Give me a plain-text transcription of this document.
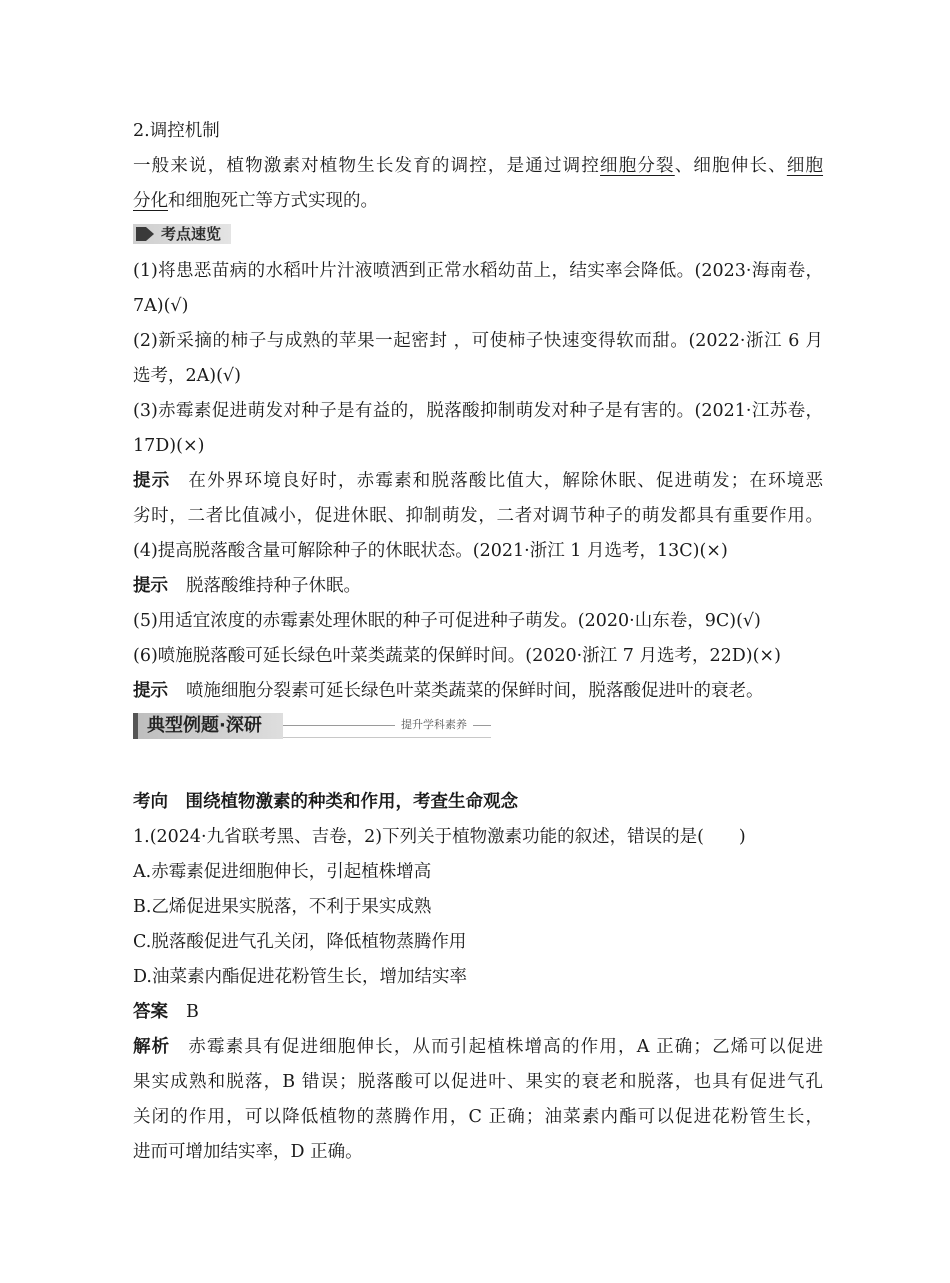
2.调控机制
一般来说，植物激素对植物生长发育的调控，是通过调控细胞分裂、细胞伸长、细胞
分化和细胞死亡等方式实现的。
考点速览
(1)将患恶苗病的水稻叶片汁液喷洒到正常水稻幼苗上，结实率会降低。(2023·海南卷，
7A)(√)
(2)新采摘的柿子与成熟的苹果一起密封 ，可使柿子快速变得软而甜。(2022·浙江 6 月
选考，2A)(√)
(3)赤霉素促进萌发对种子是有益的，脱落酸抑制萌发对种子是有害的。(2021·江苏卷，
17D)(×)
提示 在外界环境良好时，赤霉素和脱落酸比值大，解除休眠、促进萌发；在环境恶
劣时，二者比值减小，促进休眠、抑制萌发，二者对调节种子的萌发都具有重要作用。
(4)提高脱落酸含量可解除种子的休眠状态。(2021·浙江 1 月选考，13C)(×)
提示 脱落酸维持种子休眠。
(5)用适宜浓度的赤霉素处理休眠的种子可促进种子萌发。(2020·山东卷，9C)(√)
(6)喷施脱落酸可延长绿色叶菜类蔬菜的保鲜时间。(2020·浙江 7 月选考，22D)(×)
提示 喷施细胞分裂素可延长绿色叶菜类蔬菜的保鲜时间，脱落酸促进叶的衰老。
典型例题·深研	提升学科素养
考向　围绕植物激素的种类和作用，考查生命观念
1.(2024·九省联考黑、吉卷，2)下列关于植物激素功能的叙述，错误的是(　　)
A.赤霉素促进细胞伸长，引起植株增高
B.乙烯促进果实脱落，不利于果实成熟
C.脱落酸促进气孔关闭，降低植物蒸腾作用
D.油菜素内酯促进花粉管生长，增加结实率
答案 B
解析 赤霉素具有促进细胞伸长，从而引起植株增高的作用，A 正确；乙烯可以促进
果实成熟和脱落，B 错误；脱落酸可以促进叶、果实的衰老和脱落，也具有促进气孔
关闭的作用，可以降低植物的蒸腾作用，C 正确；油菜素内酯可以促进花粉管生长，
进而可增加结实率，D 正确。
